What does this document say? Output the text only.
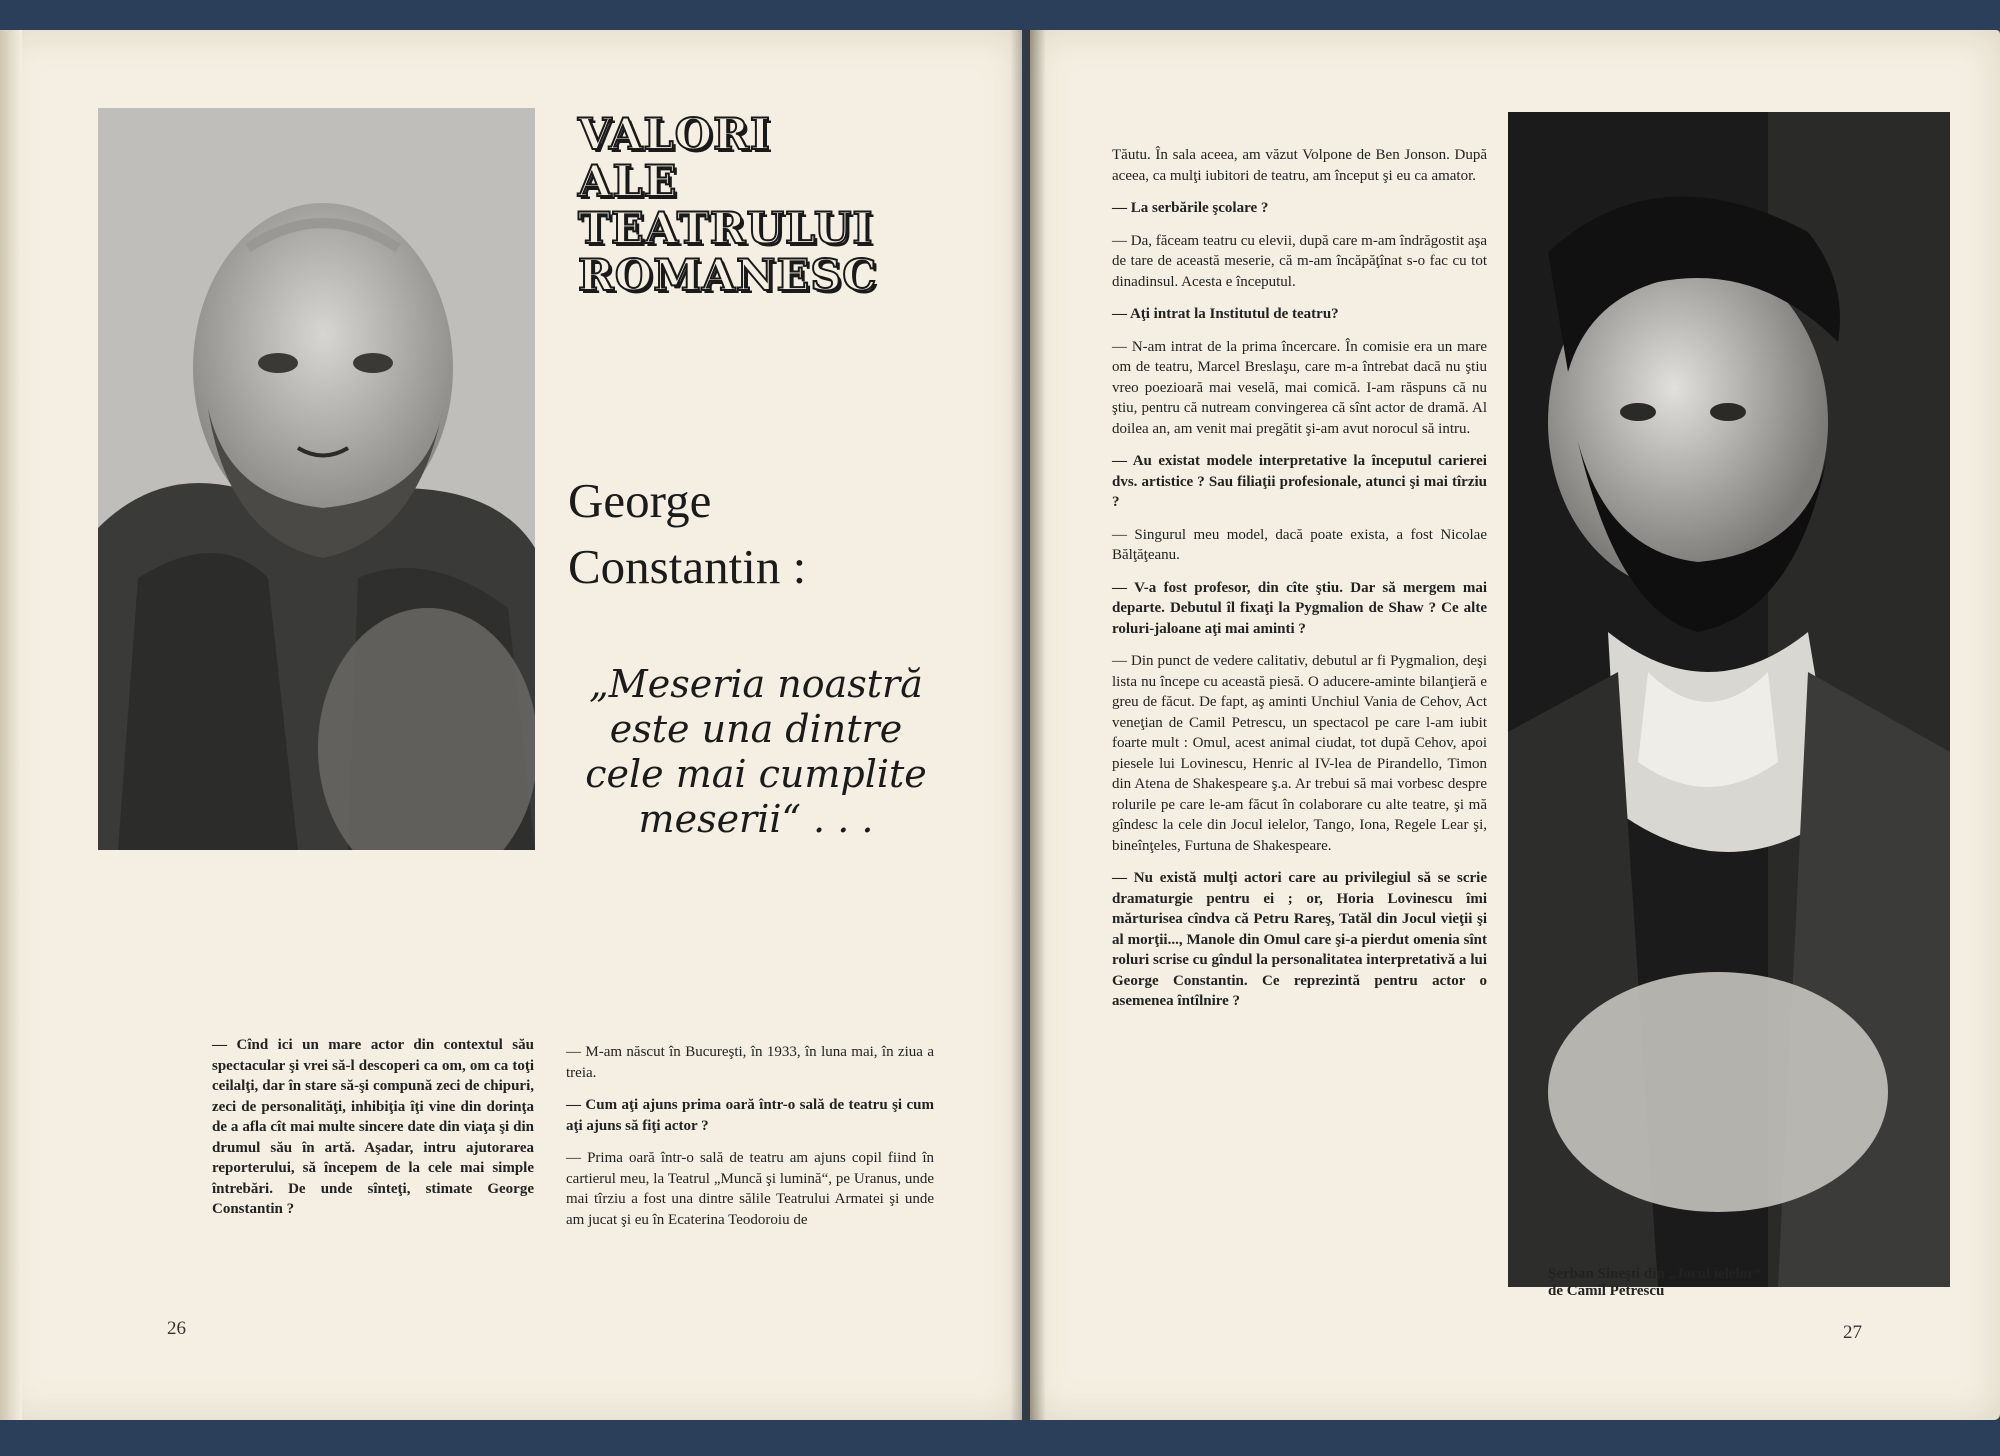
VALORI
ALE
TEATRULUI
ROMANESC
George
Constantin :

„Meseria noastră este una dintre cele mai cumplite meserii“ . . .

— Cînd ici un mare actor din contextul său spectacular şi vrei să-l descoperi ca om, om ca toţi ceilalţi, dar în stare să-şi compună zeci de chipuri, zeci de personalităţi, inhibiţia îţi vine din dorinţa de a afla cît mai multe sincere date din viaţa şi din drumul său în artă. Aşadar, intru ajutorarea reporterului, să începem de la cele mai simple întrebări. De unde sînteţi, stimate George Constantin ?

— M-am născut în Bucureşti, în 1933, în luna mai, în ziua a treia.

— Cum aţi ajuns prima oară într-o sală de teatru şi cum aţi ajuns să fiţi actor ?

— Prima oară într-o sală de teatru am ajuns copil fiind în cartierul meu, la Teatrul „Muncă şi lumină“, pe Uranus, unde mai tîrziu a fost una dintre sălile Teatrului Armatei şi unde am jucat şi eu în Ecaterina Teodoroiu de

Tăutu. În sala aceea, am văzut Volpone de Ben Jonson. După aceea, ca mulţi iubitori de teatru, am început şi eu ca amator.

— La serbările şcolare ?

— Da, făceam teatru cu elevii, după care m-am îndrăgostit aşa de tare de această meserie, că m-am încăpăţînat s-o fac cu tot dinadinsul. Acesta e începutul.

— Aţi intrat la Institutul de teatru?

— N-am intrat de la prima încercare. În comisie era un mare om de teatru, Marcel Breslaşu, care m-a întrebat dacă nu ştiu vreo poezioară mai veselă, mai comică. I-am răspuns că nu ştiu, pentru că nutream convingerea că sînt actor de dramă. Al doilea an, am venit mai pregătit şi-am avut norocul să intru.

— Au existat modele interpretative la începutul carierei dvs. artistice ? Sau filiaţii profesionale, atunci şi mai tîrziu ?

— Singurul meu model, dacă poate exista, a fost Nicolae Bălţăţeanu.

— V-a fost profesor, din cîte ştiu. Dar să mergem mai departe. Debutul îl fixaţi la Pygmalion de Shaw ? Ce alte roluri-jaloane aţi mai aminti ?

— Din punct de vedere calitativ, debutul ar fi Pygmalion, deşi lista nu începe cu această piesă. O aducere-aminte bilanţieră e greu de făcut. De fapt, aş aminti Unchiul Vania de Cehov, Act veneţian de Camil Petrescu, un spectacol pe care l-am iubit foarte mult : Omul, acest animal ciudat, tot după Cehov, apoi piesele lui Lovinescu, Henric al IV-lea de Pirandello, Timon din Atena de Shakespeare ş.a. Ar trebui să mai vorbesc despre rolurile pe care le-am făcut în colaborare cu alte teatre, şi mă gîndesc la cele din Jocul ielelor, Tango, Iona, Regele Lear şi, bineînţeles, Furtuna de Shakespeare.

— Nu există mulţi actori care au privilegiul să se scrie dramaturgie pentru ei ; or, Horia Lovinescu îmi mărturisea cîndva că Petru Rareş, Tatăl din Jocul vieţii şi al morţii..., Manole din Omul care şi-a pierdut omenia sînt roluri scrise cu gîndul la personalitatea interpretativă a lui George Constantin. Ce reprezintă pentru actor o asemenea întîlnire ?

Şerban Sineşti din „Jocul ielelor“
de Camil Petrescu
26	27
